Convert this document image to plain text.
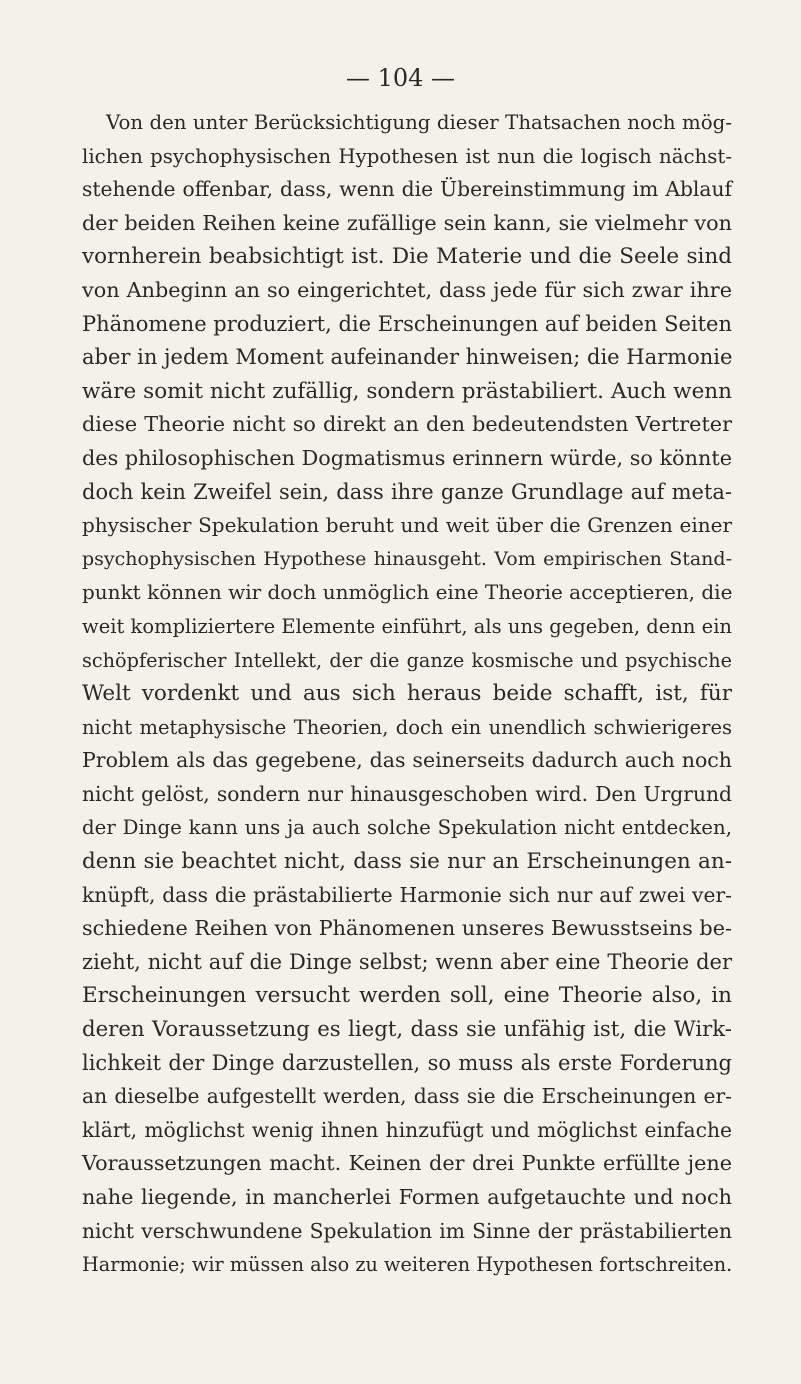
— 104 —
Von den unter Berücksichtigung dieser Thatsachen noch mög-
lichen psychophysischen Hypothesen ist nun die logisch nächst-
stehende offenbar, dass, wenn die Übereinstimmung im Ablauf
der beiden Reihen keine zufällige sein kann, sie vielmehr von
vornherein beabsichtigt ist. Die Materie und die Seele sind
von Anbeginn an so eingerichtet, dass jede für sich zwar ihre
Phänomene produziert, die Erscheinungen auf beiden Seiten
aber in jedem Moment aufeinander hinweisen; die Harmonie
wäre somit nicht zufällig, sondern prästabiliert. Auch wenn
diese Theorie nicht so direkt an den bedeutendsten Vertreter
des philosophischen Dogmatismus erinnern würde, so könnte
doch kein Zweifel sein, dass ihre ganze Grundlage auf meta-
physischer Spekulation beruht und weit über die Grenzen einer
psychophysischen Hypothese hinausgeht. Vom empirischen Stand-
punkt können wir doch unmöglich eine Theorie acceptieren, die
weit kompliziertere Elemente einführt, als uns gegeben, denn ein
schöpferischer Intellekt, der die ganze kosmische und psychische
Welt vordenkt und aus sich heraus beide schafft, ist, für
nicht metaphysische Theorien, doch ein unendlich schwierigeres
Problem als das gegebene, das seinerseits dadurch auch noch
nicht gelöst, sondern nur hinausgeschoben wird. Den Urgrund
der Dinge kann uns ja auch solche Spekulation nicht entdecken,
denn sie beachtet nicht, dass sie nur an Erscheinungen an-
knüpft, dass die prästabilierte Harmonie sich nur auf zwei ver-
schiedene Reihen von Phänomenen unseres Bewusstseins be-
zieht, nicht auf die Dinge selbst; wenn aber eine Theorie der
Erscheinungen versucht werden soll, eine Theorie also, in
deren Voraussetzung es liegt, dass sie unfähig ist, die Wirk-
lichkeit der Dinge darzustellen, so muss als erste Forderung
an dieselbe aufgestellt werden, dass sie die Erscheinungen er-
klärt, möglichst wenig ihnen hinzufügt und möglichst einfache
Voraussetzungen macht. Keinen der drei Punkte erfüllte jene
nahe liegende, in mancherlei Formen aufgetauchte und noch
nicht verschwundene Spekulation im Sinne der prästabilierten
Harmonie; wir müssen also zu weiteren Hypothesen fortschreiten.
